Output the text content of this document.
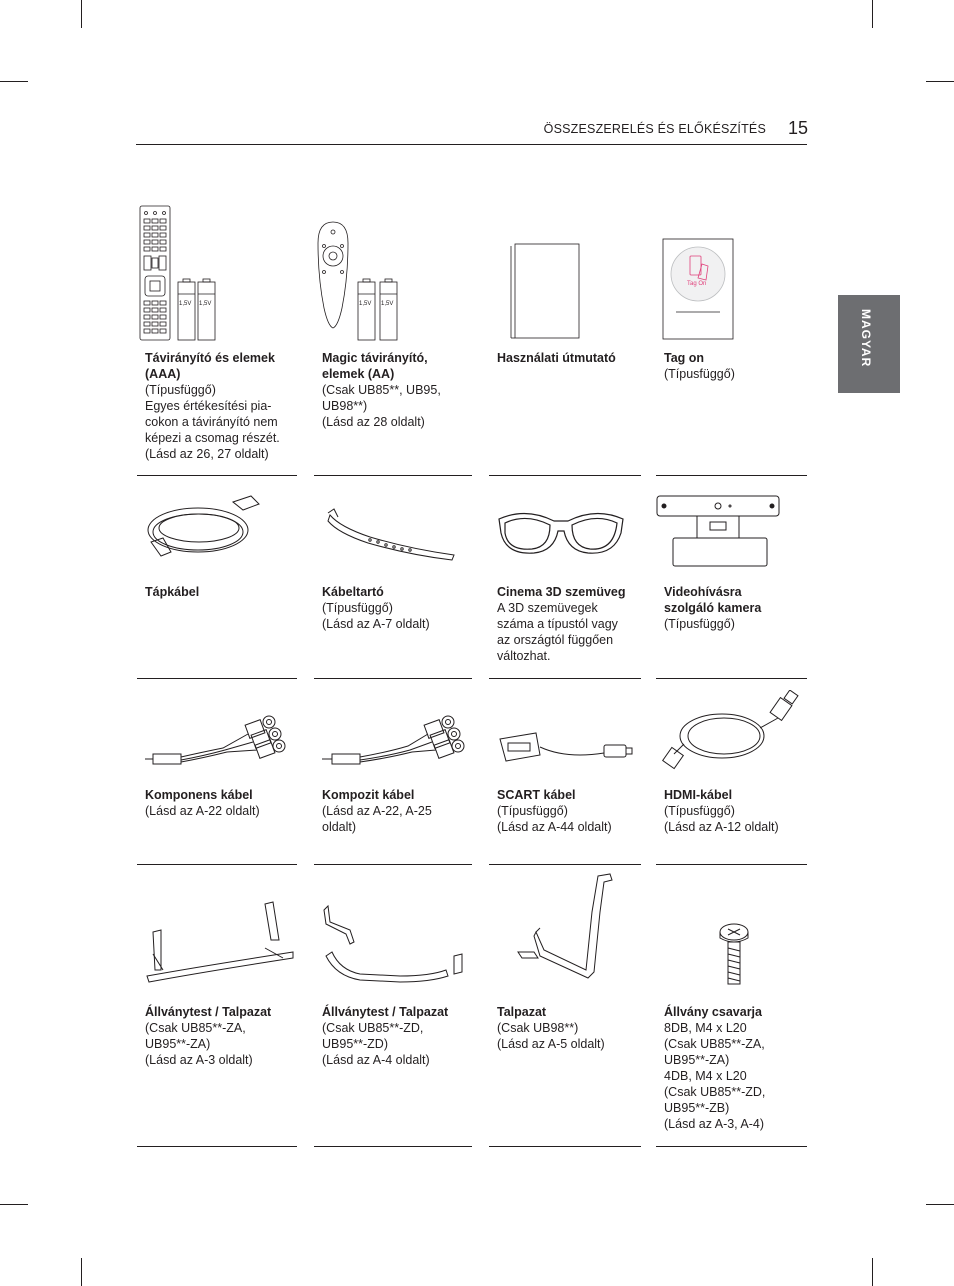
ÖSSZESZERELÉS ÉS ELŐKÉSZÍTÉS 15
MAGYAR
1,5V 1,5V	1,5V 1,5V
Tag On
Távirányító és elemek
(AAA)
(Típusfüggő)
Egyes értékesítési pia-
cokon a távirányító nem
képezi a csomag részét.
(Lásd az 26, 27 oldalt)
Magic távirányító,
elemek (AA)
(Csak UB85**, UB95,
UB98**)
(Lásd az 28 oldalt)
Használati útmutató	Tag on
(Típusfüggő)
Tápkábel	Kábeltartó
(Típusfüggő)
(Lásd az A-7 oldalt)
Cinema 3D szemüveg
A 3D szemüvegek
száma a típustól vagy
az országtól függően
változhat.
Videohívásra
szolgáló kamera
(Típusfüggő)
Komponens kábel
(Lásd az A-22 oldalt)
Kompozit kábel
(Lásd az A-22, A-25
oldalt)
SCART kábel
(Típusfüggő)
(Lásd az A-44 oldalt)
HDMI-kábel
(Típusfüggő)
(Lásd az A-12 oldalt)
Állványtest / Talpazat
(Csak UB85**-ZA,
UB95**-ZA)
(Lásd az A-3 oldalt)
Állványtest / Talpazat
(Csak UB85**-ZD,
UB95**-ZD)
(Lásd az A-4 oldalt)
Talpazat
(Csak UB98**)
(Lásd az A-5 oldalt)
Állvány csavarja
8DB, M4 x L20
(Csak UB85**-ZA,
UB95**-ZA)
4DB, M4 x L20
(Csak UB85**-ZD,
UB95**-ZB)
(Lásd az A-3, A-4)
